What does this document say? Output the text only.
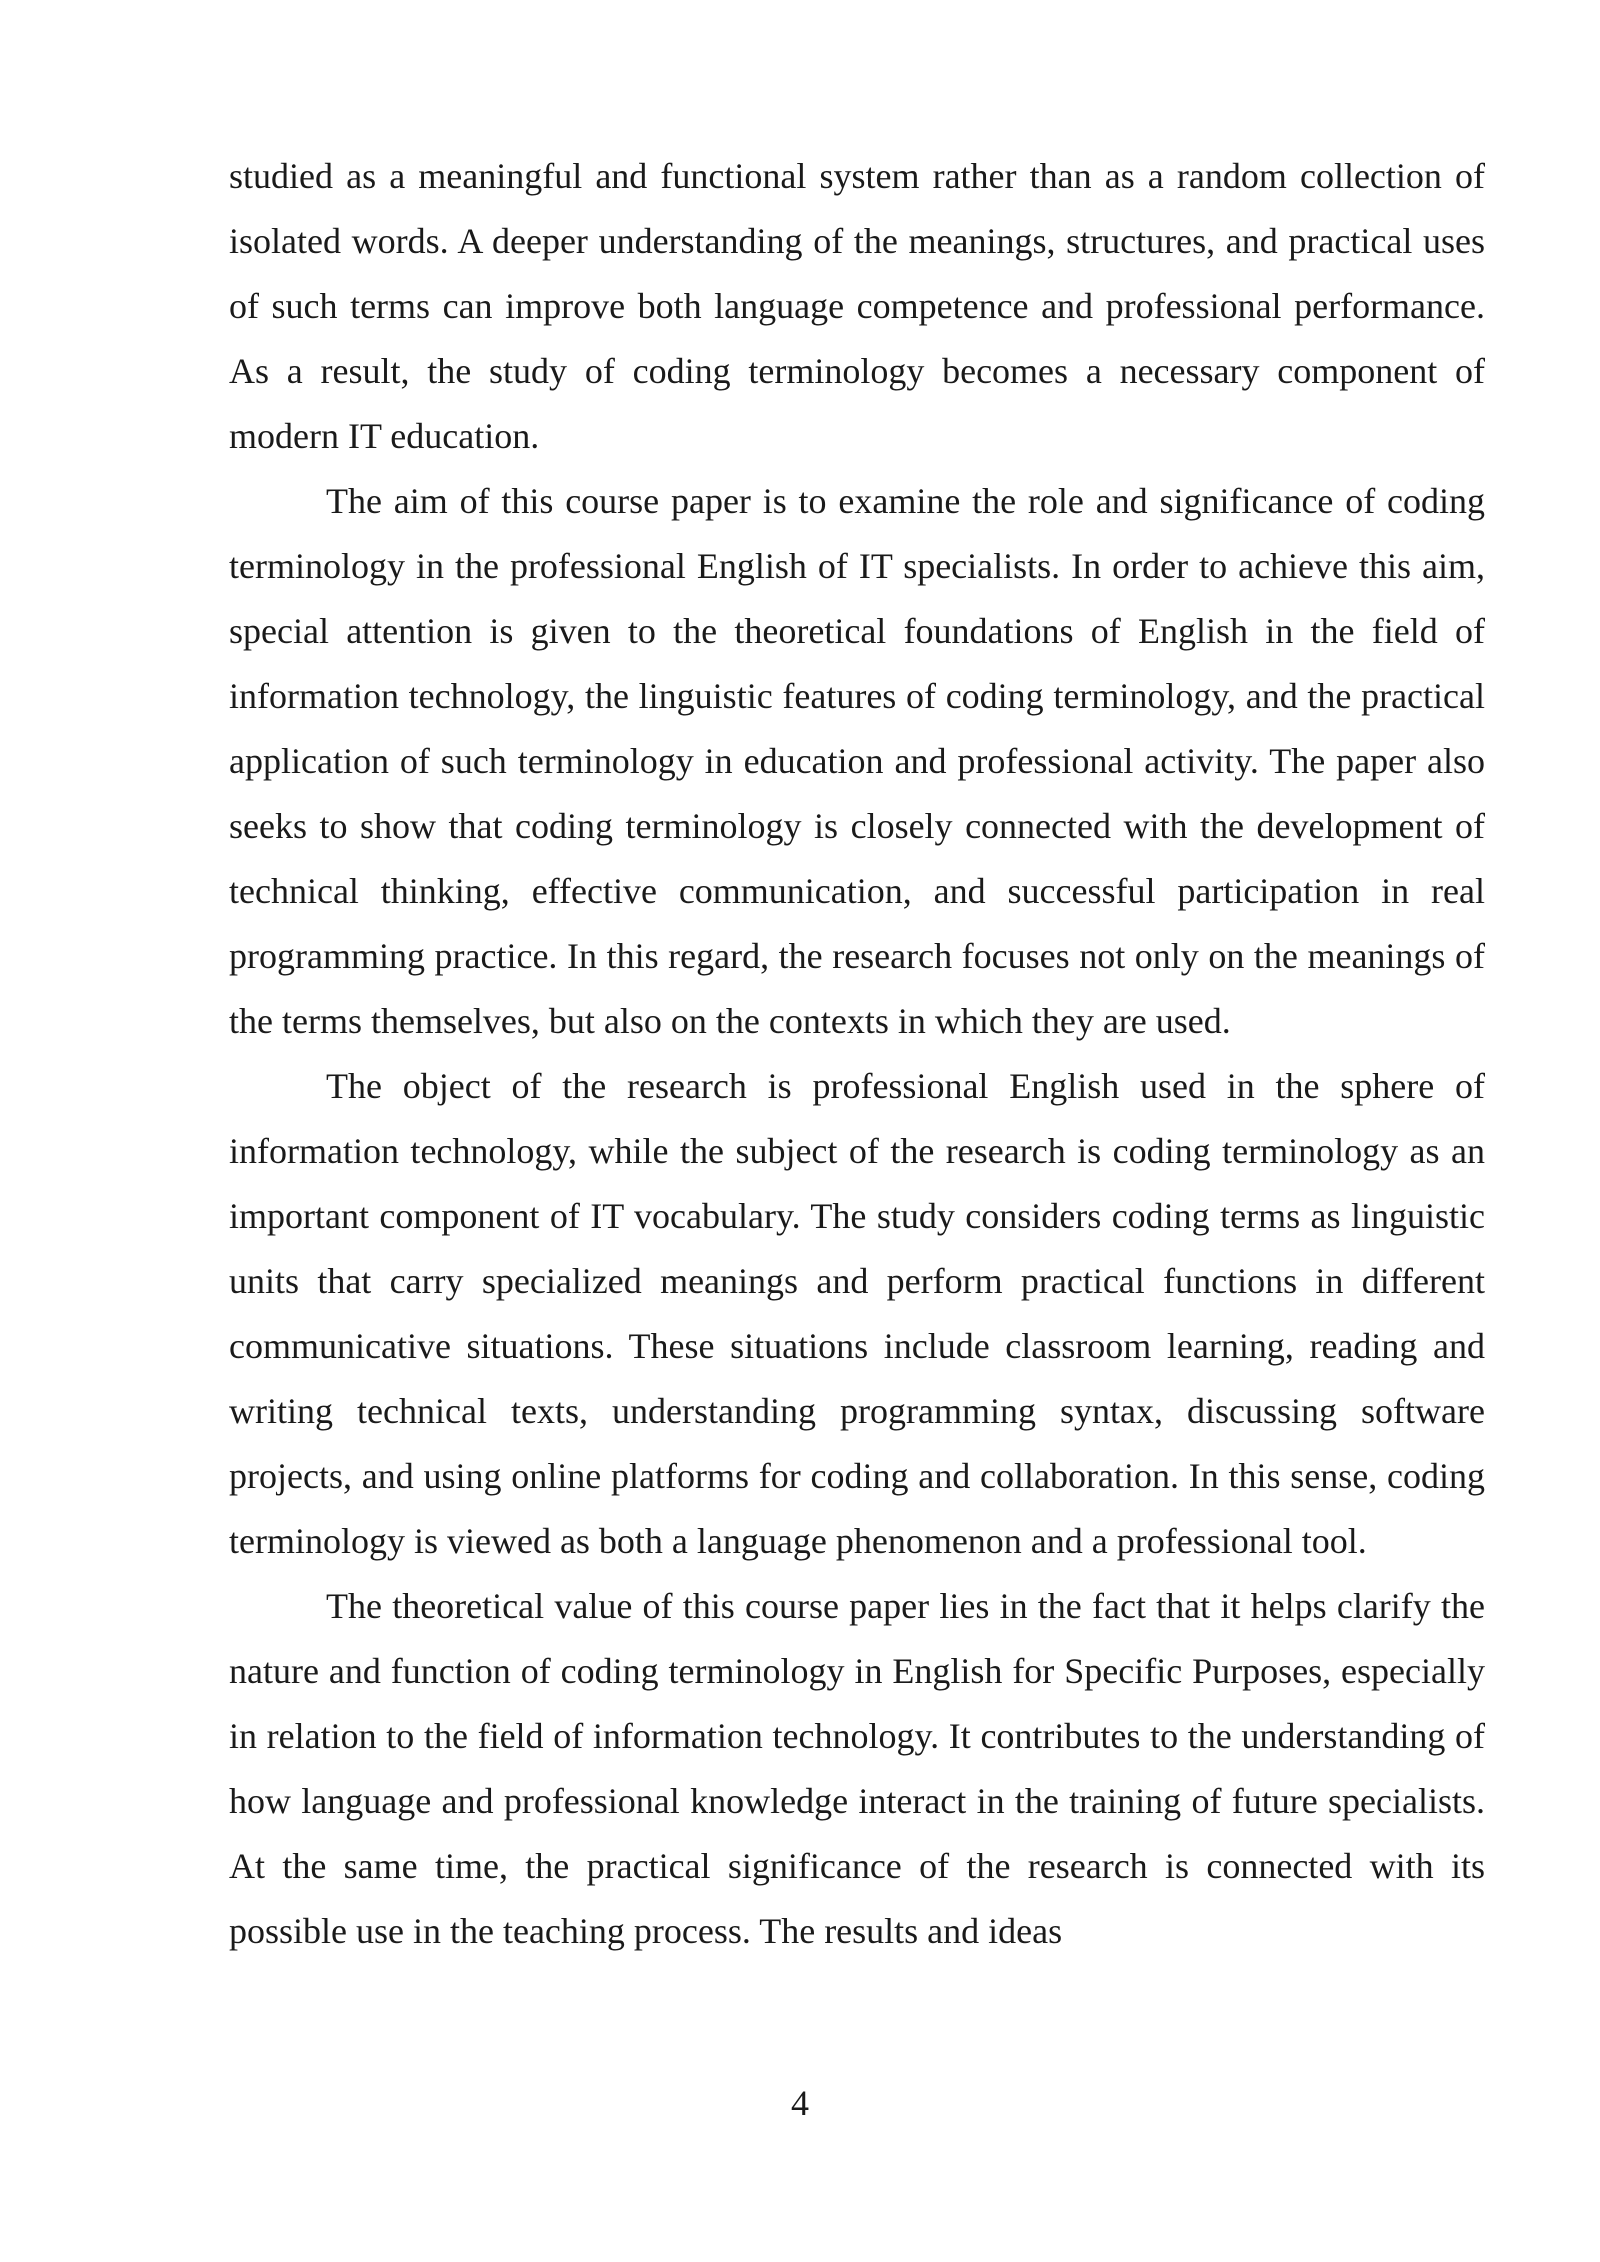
studied as a meaningful and functional system rather than as a random collection of isolated words. A deeper understanding of the meanings, structures, and practical uses of such terms can improve both language competence and professional performance. As a result, the study of coding terminology becomes a necessary component of modern IT education.

The aim of this course paper is to examine the role and significance of coding terminology in the professional English of IT specialists. In order to achieve this aim, special attention is given to the theoretical foundations of English in the field of information technology, the linguistic features of coding terminology, and the practical application of such terminology in education and professional activity. The paper also seeks to show that coding terminology is closely connected with the development of technical thinking, effective communication, and successful participation in real programming practice. In this regard, the research focuses not only on the meanings of the terms themselves, but also on the contexts in which they are used.

The object of the research is professional English used in the sphere of information technology, while the subject of the research is coding terminology as an important component of IT vocabulary. The study considers coding terms as linguistic units that carry specialized meanings and perform practical functions in different communicative situations. These situations include classroom learning, reading and writing technical texts, understanding programming syntax, discussing software projects, and using online platforms for coding and collaboration. In this sense, coding terminology is viewed as both a language phenomenon and a professional tool.

The theoretical value of this course paper lies in the fact that it helps clarify the nature and function of coding terminology in English for Specific Purposes, especially in relation to the field of information technology. It contributes to the understanding of how language and professional knowledge interact in the training of future specialists. At the same time, the practical significance of the research is connected with its possible use in the teaching process. The results and ideas

4
